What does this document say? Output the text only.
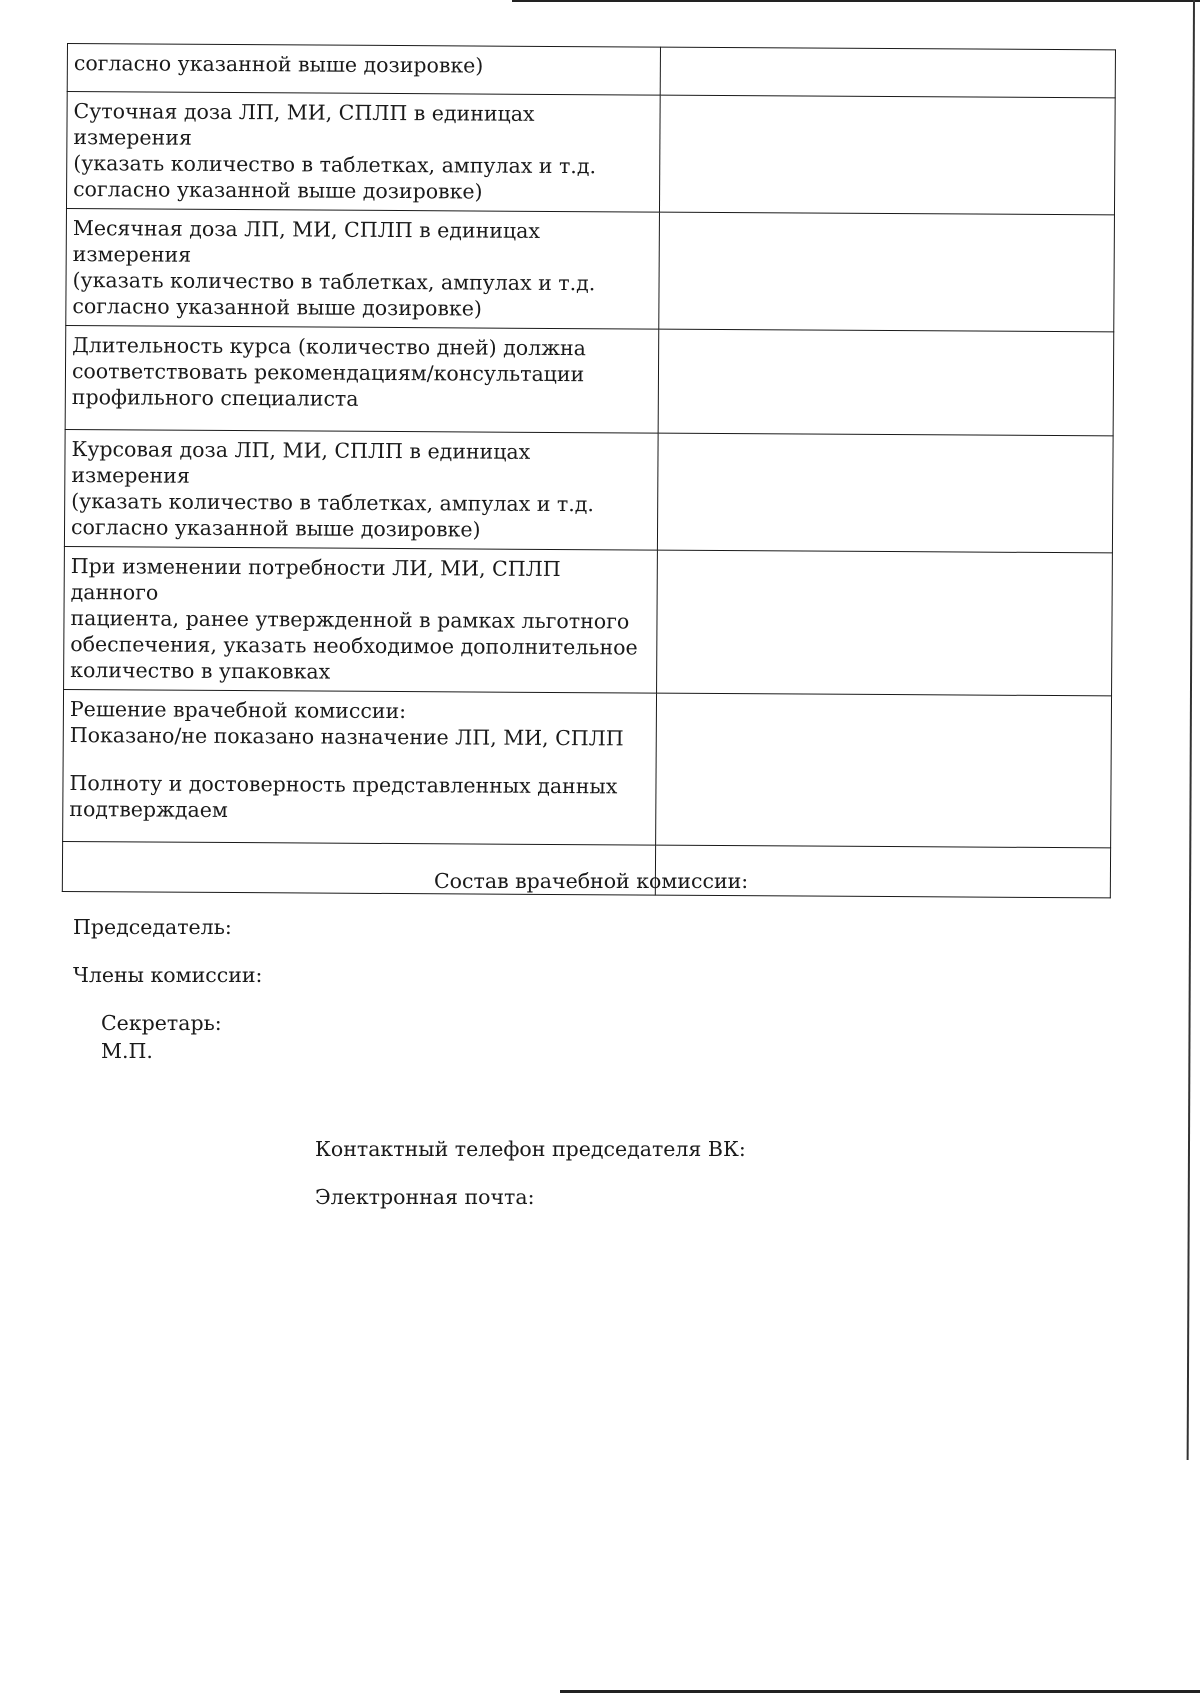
согласно указанной выше дозировке)	
Суточная доза ЛП, МИ, СПЛП в единицах измерения
(указать количество в таблетках, ампулах и т.д.
согласно указанной выше дозировке)	
Месячная доза ЛП, МИ, СПЛП в единицах измерения
(указать количество в таблетках, ампулах и т.д.
согласно указанной выше дозировке)	
Длительность курса (количество дней) должна
соответствовать рекомендациям/консультации
профильного специалиста	
Курсовая доза ЛП, МИ, СПЛП в единицах измерения
(указать количество в таблетках, ампулах и т.д.
согласно указанной выше дозировке)	
При изменении потребности ЛИ, МИ, СПЛП данного
пациента, ранее утвержденной в рамках льготного
обеспечения, указать необходимое дополнительное
количество в упаковках	
Решение врачебной комиссии:
Показано/не показано назначение ЛП, МИ, СПЛП
Полноту и достоверность представленных данных
подтверждаем	

Состав врачебной комиссии:
Председатель:
Члены комиссии:
Секретарь:
М.П.
Контактный телефон председателя ВК:
Электронная почта:
